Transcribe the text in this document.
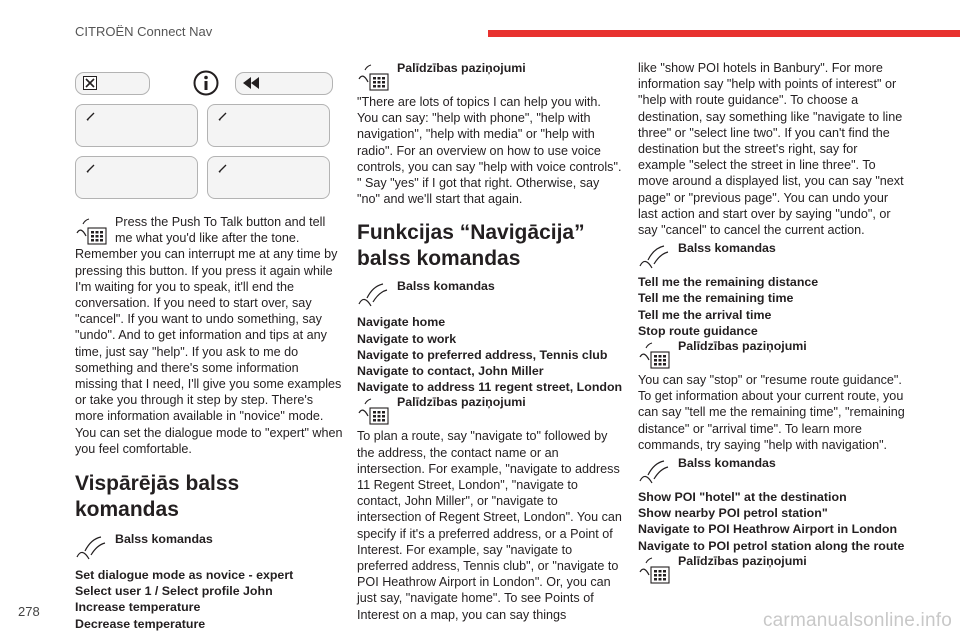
CITROËN Connect Nav
Press the Push To Talk button and tell me what you'd like after the tone. Remember you can interrupt me at any time by pressing this button. If you press it again while I'm waiting for you to speak, it'll end the conversation. If you need to start over, say "cancel". If you want to undo something, say "undo". And to get information and tips at any time, just say "help". If you ask to me do something and there's some information missing that I need, I'll give you some examples or take you through it step by step. There's more information available in "novice" mode. You can set the dialogue mode to "expert" when you feel comfortable.
Vispārējās balss komandas
Balss komandas
Set dialogue mode as novice - expert
Select user 1 / Select profile John
Increase temperature
Decrease temperature
Palīdzības paziņojumi
"There are lots of topics I can help you with. You can say: "help with phone", "help with navigation", "help with media" or "help with radio". For an overview on how to use voice controls, you can say "help with voice controls". " Say "yes" if I got that right. Otherwise, say "no" and we'll start that again.
Funkcijas “Navigācija” balss komandas
Balss komandas
Navigate home
Navigate to work
Navigate to preferred address, Tennis club
Navigate to contact, John Miller
Navigate to address 11 regent street, London
Palīdzības paziņojumi
To plan a route, say "navigate to" followed by the address, the contact name or an intersection. For example, "navigate to address 11 Regent Street, London", "navigate to contact, John Miller", or "navigate to intersection of Regent Street, London". You can specify if it's a preferred address, or a Point of Interest. For example, say "navigate to preferred address, Tennis club", or "navigate to POI Heathrow Airport in London". Or, you can just say, "navigate home". To see Points of Interest on a map, you can say things
like "show POI hotels in Banbury". For more information say "help with points of interest" or "help with route guidance". To choose a destination, say something like "navigate to line three" or "select line two". If you can't find the destination but the street's right, say for example "select the street in line three". To move around a displayed list, you can say "next page" or "previous page". You can undo your last action and start over by saying "undo", or say "cancel" to cancel the current action.
Balss komandas
Tell me the remaining distance
Tell me the remaining time
Tell me the arrival time
Stop route guidance
Palīdzības paziņojumi
You can say "stop" or "resume route guidance". To get information about your current route, you can say "tell me the remaining time", "remaining distance" or "arrival time". To learn more commands, try saying "help with navigation".
Balss komandas
Show POI "hotel" at the destination
Show nearby POI petrol station"
Navigate to POI Heathrow Airport in London
Navigate to POI petrol station along the route
Palīdzības paziņojumi
278	carmanualsonline.info
